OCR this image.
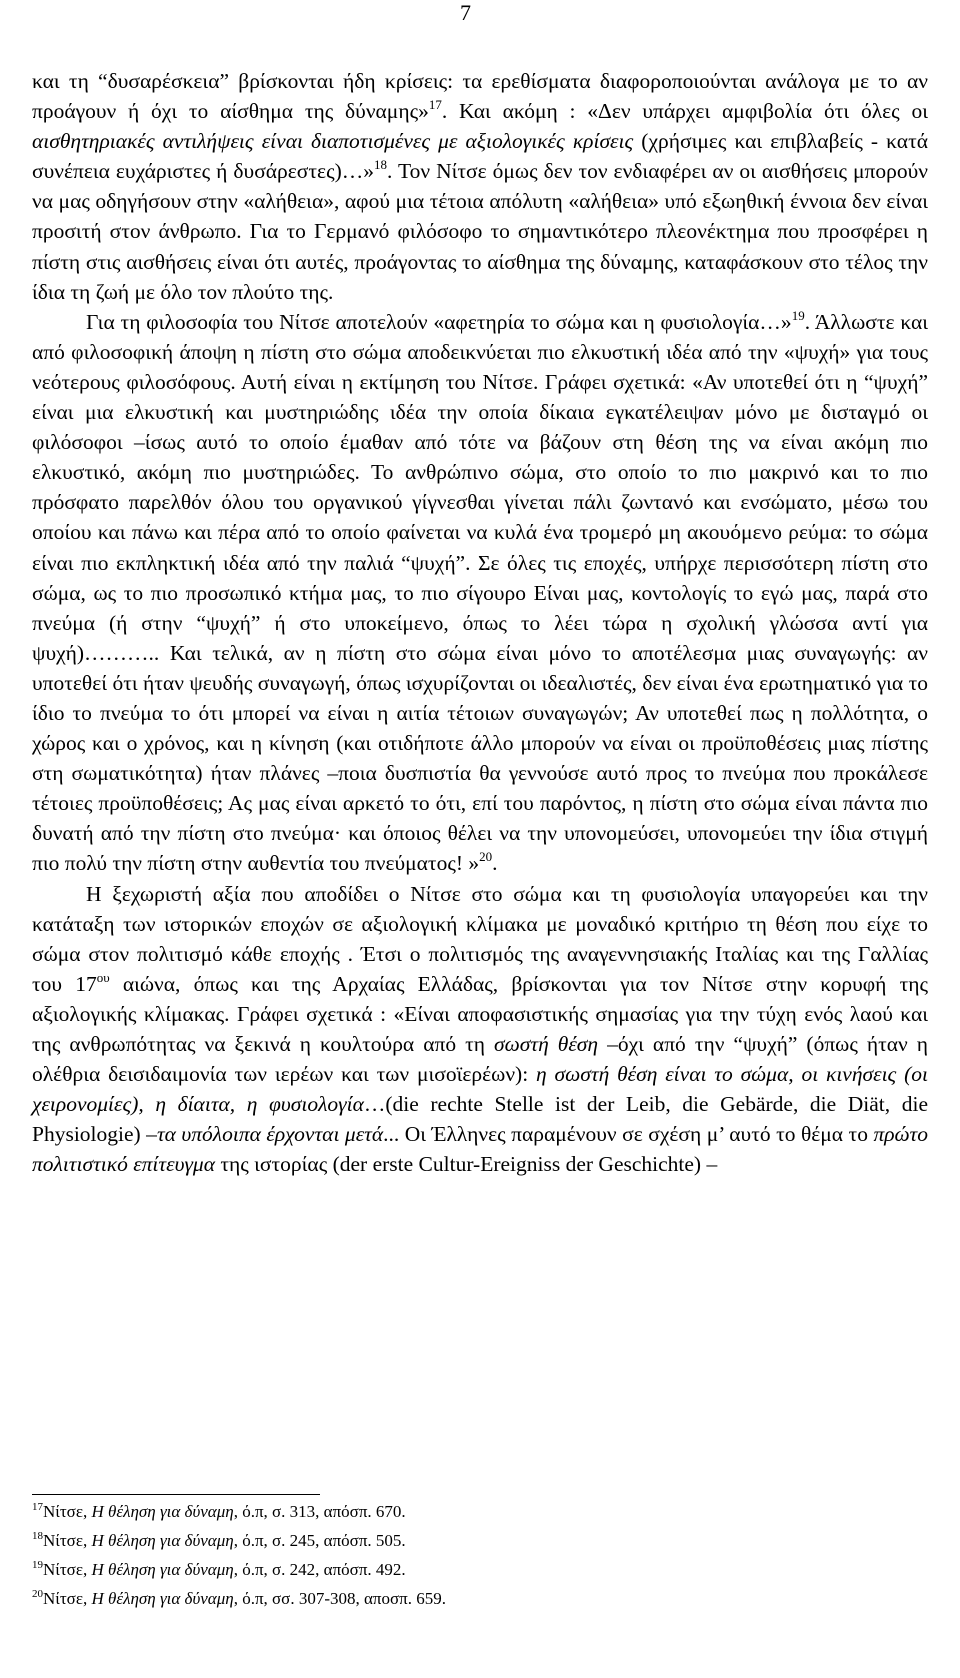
7

και τη “δυσαρέσκεια” βρίσκονται ήδη κρίσεις: τα ερεθίσματα διαφοροποιούνται ανάλογα με το αν προάγουν ή όχι το αίσθημα της δύναμης»$^{17}$. Και ακόμη : «Δεν υπάρχει αμφιβολία ότι όλες οι αισθητηριακές αντιλήψεις είναι διαποτισμένες με αξιολογικές κρίσεις (χρήσιμες και επιβλαβείς - κατά συνέπεια ευχάριστες ή δυσάρεστες)…»$^{18}$. Τον Νίτσε όμως δεν τον ενδιαφέρει αν οι αισθήσεις μπορούν να μας οδηγήσουν στην «αλήθεια», αφού μια τέτοια απόλυτη «αλήθεια» υπό εξωηθική έννοια δεν είναι προσιτή στον άνθρωπο. Για το Γερμανό φιλόσοφο το σημαντικότερο πλεονέκτημα που προσφέρει η πίστη στις αισθήσεις είναι ότι αυτές, προάγοντας το αίσθημα της δύναμης, καταφάσκουν στο τέλος την ίδια τη ζωή με όλο τον πλούτο της.

Για τη φιλοσοφία του Νίτσε αποτελούν «αφετηρία το σώμα και η φυσιολογία…»$^{19}$. Άλλωστε και από φιλοσοφική άποψη η πίστη στο σώμα αποδεικνύεται πιο ελκυστική ιδέα από την «ψυχή» για τους νεότερους φιλοσόφους. Αυτή είναι η εκτίμηση του Νίτσε. Γράφει σχετικά: «Αν υποτεθεί ότι η “ψυχή” είναι μια ελκυστική και μυστηριώδης ιδέα την οποία δίκαια εγκατέλειψαν μόνο με δισταγμό οι φιλόσοφοι –ίσως αυτό το οποίο έμαθαν από τότε να βάζουν στη θέση της να είναι ακόμη πιο ελκυστικό, ακόμη πιο μυστηριώδες. Το ανθρώπινο σώμα, στο οποίο το πιο μακρινό και το πιο πρόσφατο παρελθόν όλου του οργανικού γίγνεσθαι γίνεται πάλι ζωντανό και ενσώματο, μέσω του οποίου και πάνω και πέρα από το οποίο φαίνεται να κυλά ένα τρομερό μη ακουόμενο ρεύμα: το σώμα είναι πιο εκπληκτική ιδέα από την παλιά “ψυχή”. Σε όλες τις εποχές, υπήρχε περισσότερη πίστη στο σώμα, ως το πιο προσωπικό κτήμα μας, το πιο σίγουρο Είναι μας, κοντολογίς το εγώ μας, παρά στο πνεύμα (ή στην “ψυχή” ή στο υποκείμενο, όπως το λέει τώρα η σχολική γλώσσα αντί για ψυχή)……….. Και τελικά, αν η πίστη στο σώμα είναι μόνο το αποτέλεσμα μιας συναγωγής: αν υποτεθεί ότι ήταν ψευδής συναγωγή, όπως ισχυρίζονται οι ιδεαλιστές, δεν είναι ένα ερωτηματικό για το ίδιο το πνεύμα το ότι μπορεί να είναι η αιτία τέτοιων συναγωγών; Αν υποτεθεί πως η πολλότητα, ο χώρος και ο χρόνος, και η κίνηση (και οτιδήποτε άλλο μπορούν να είναι οι προϋποθέσεις μιας πίστης στη σωματικότητα) ήταν πλάνες –ποια δυσπιστία θα γεννούσε αυτό προς το πνεύμα που προκάλεσε τέτοιες προϋποθέσεις; Ας μας είναι αρκετό το ότι, επί του παρόντος, η πίστη στο σώμα είναι πάντα πιο δυνατή από την πίστη στο πνεύμα· και όποιος θέλει να την υπονομεύσει, υπονομεύει την ίδια στιγμή πιο πολύ την πίστη στην αυθεντία του πνεύματος! »$^{20}$.

Η ξεχωριστή αξία που αποδίδει ο Νίτσε στο σώμα και τη φυσιολογία υπαγορεύει και την κατάταξη των ιστορικών εποχών σε αξιολογική κλίμακα με μοναδικό κριτήριο τη θέση που είχε το σώμα στον πολιτισμό κάθε εποχής . Έτσι ο πολιτισμός της αναγεννησιακής Ιταλίας και της Γαλλίας του $17^{o\upsilon}$ αιώνα, όπως και της Αρχαίας Ελλάδας, βρίσκονται για τον Νίτσε στην κορυφή της αξιολογικής κλίμακας. Γράφει σχετικά : «Είναι αποφασιστικής σημασίας για την τύχη ενός λαού και της ανθρωπότητας να ξεκινά η κουλτούρα από τη σωστή θέση –όχι από την “ψυχή” (όπως ήταν η ολέθρια δεισιδαιμονία των ιερέων και των μισοϊερέων): η σωστή θέση είναι το σώμα, οι κινήσεις (οι χειρονομίες), η δίαιτα, η φυσιολογία…(die rechte Stelle ist der Leib, die Gebärde, die Diät, die Physiologie) –τα υπόλοιπα έρχονται μετά... Οι Έλληνες παραμένουν σε σχέση μ’ αυτό το θέμα το πρώτο πολιτιστικό επίτευγμα της ιστορίας (der erste Cultur-Ereigniss der Geschichte) –

$^{17}$Νίτσε, Η θέληση για δύναμη, ό.π, σ. 313, απόσπ. 670.
$^{18}$Νίτσε, Η θέληση για δύναμη, ό.π, σ. 245, απόσπ. 505.
$^{19}$Νίτσε, Η θέληση για δύναμη, ό.π, σ. 242, απόσπ. 492.
$^{20}$Νίτσε, Η θέληση για δύναμη, ό.π, σσ. 307-308, αποσπ. 659.
